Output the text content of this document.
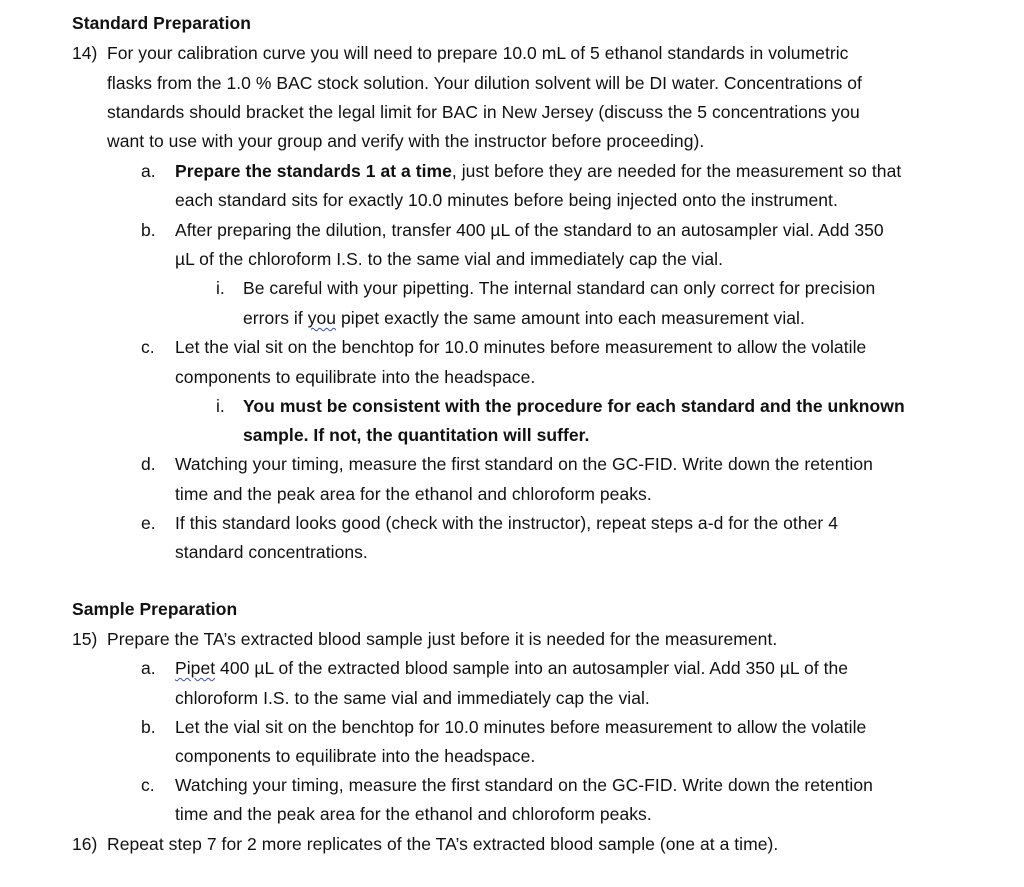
Standard Preparation
14) For your calibration curve you will need to prepare 10.0 mL of 5 ethanol standards in volumetric
flasks from the 1.0 % BAC stock solution. Your dilution solvent will be DI water. Concentrations of
standards should bracket the legal limit for BAC in New Jersey (discuss the 5 concentrations you
want to use with your group and verify with the instructor before proceeding).
a. Prepare the standards 1 at a time, just before they are needed for the measurement so that
each standard sits for exactly 10.0 minutes before being injected onto the instrument.
b. After preparing the dilution, transfer 400 µL of the standard to an autosampler vial. Add 350
µL of the chloroform I.S. to the same vial and immediately cap the vial.
i. Be careful with your pipetting. The internal standard can only correct for precision
errors if you pipet exactly the same amount into each measurement vial.
c. Let the vial sit on the benchtop for 10.0 minutes before measurement to allow the volatile
components to equilibrate into the headspace.
i. You must be consistent with the procedure for each standard and the unknown
sample. If not, the quantitation will suffer.
d. Watching your timing, measure the first standard on the GC-FID. Write down the retention
time and the peak area for the ethanol and chloroform peaks.
e. If this standard looks good (check with the instructor), repeat steps a-d for the other 4
standard concentrations.
Sample Preparation
15) Prepare the TA’s extracted blood sample just before it is needed for the measurement.
a. Pipet 400 µL of the extracted blood sample into an autosampler vial. Add 350 µL of the
chloroform I.S. to the same vial and immediately cap the vial.
b. Let the vial sit on the benchtop for 10.0 minutes before measurement to allow the volatile
components to equilibrate into the headspace.
c. Watching your timing, measure the first standard on the GC-FID. Write down the retention
time and the peak area for the ethanol and chloroform peaks.
16) Repeat step 7 for 2 more replicates of the TA’s extracted blood sample (one at a time).
